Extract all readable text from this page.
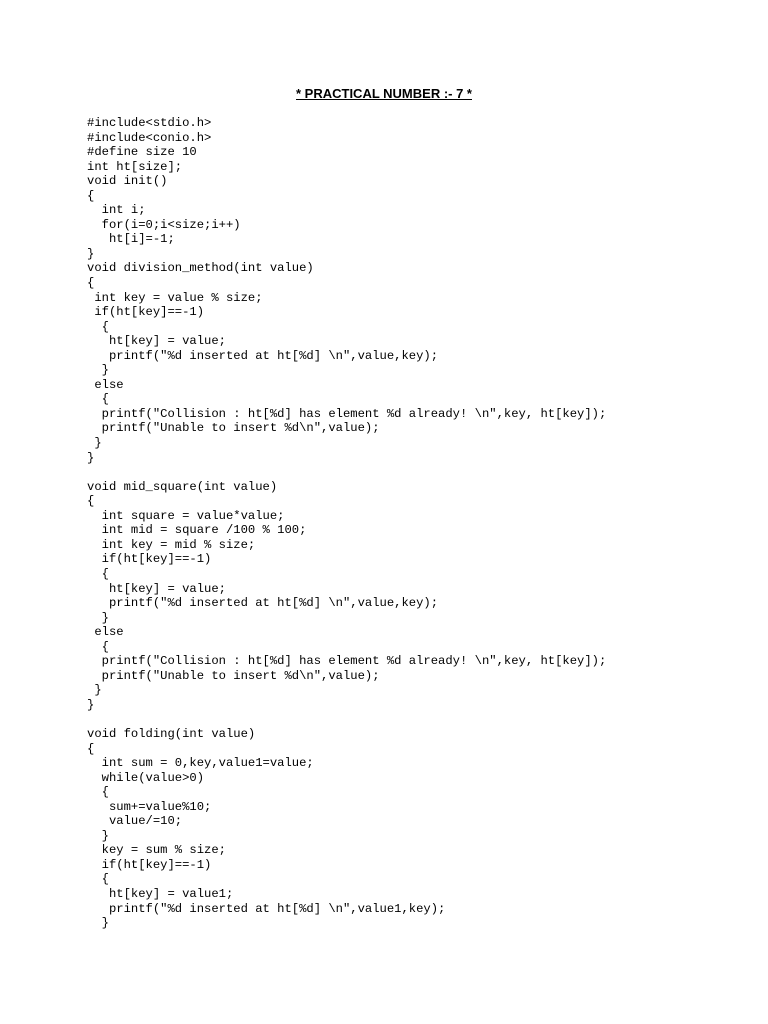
* PRACTICAL NUMBER :- 7 *
#include<stdio.h>
#include<conio.h>
#define size 10
int ht[size];
void init()
{
int i;
for(i=0;i<size;i++)
ht[i]=-1;
}
void division_method(int value)
{
int key = value % size;
if(ht[key]==-1)
{
ht[key] = value;
printf("%d inserted at ht[%d] \n",value,key);
}
else
{
printf("Collision : ht[%d] has element %d already! \n",key, ht[key]);
printf("Unable to insert %d\n",value);
}
}
void mid_square(int value)
{
int square = value*value;
int mid = square /100 % 100;
int key = mid % size;
if(ht[key]==-1)
{
ht[key] = value;
printf("%d inserted at ht[%d] \n",value,key);
}
else
{
printf("Collision : ht[%d] has element %d already! \n",key, ht[key]);
printf("Unable to insert %d\n",value);
}
}
void folding(int value)
{
int sum = 0,key,value1=value;
while(value>0)
{
sum+=value%10;
value/=10;
}
key = sum % size;
if(ht[key]==-1)
{
ht[key] = value1;
printf("%d inserted at ht[%d] \n",value1,key);
}
